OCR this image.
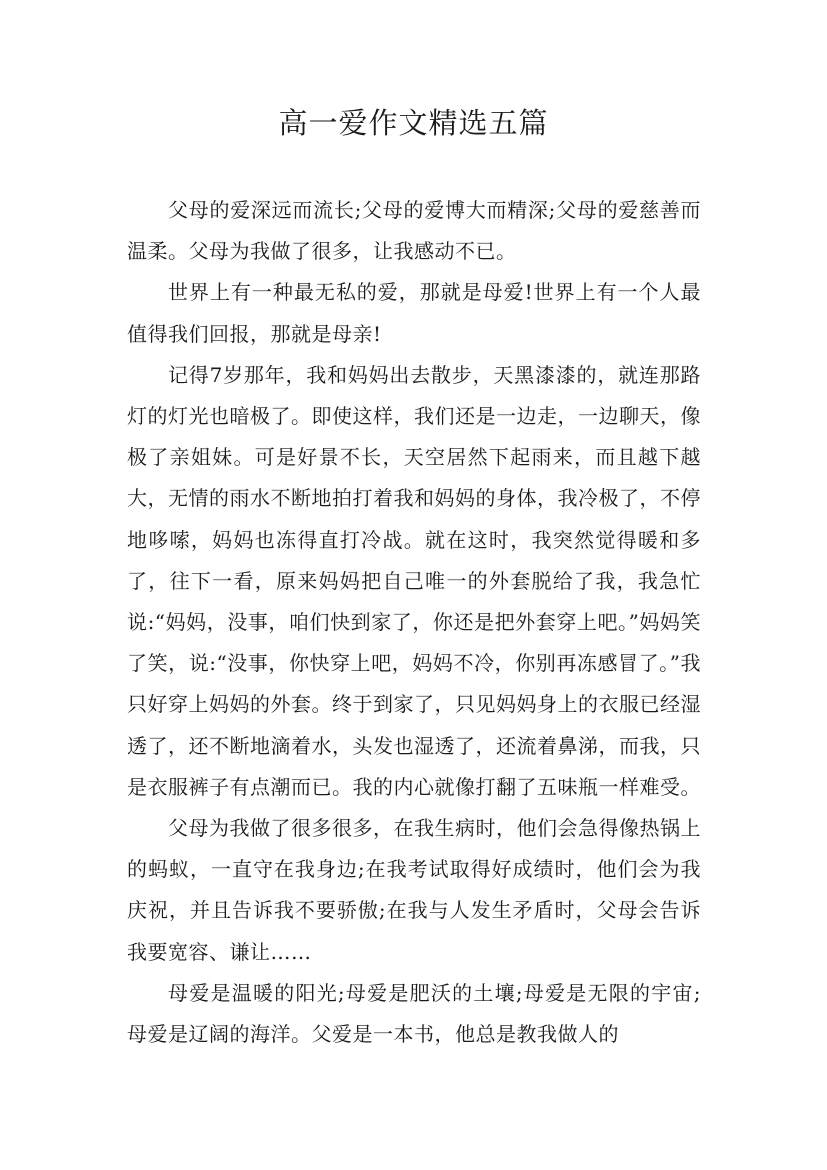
高一爱作文精选五篇

父母的爱深远而流长;父母的爱博大而精深;父母的爱慈善而温柔。父母为我做了很多，让我感动不已。

世界上有一种最无私的爱，那就是母爱!世界上有一个人最值得我们回报，那就是母亲!

记得7岁那年，我和妈妈出去散步，天黑漆漆的，就连那路灯的灯光也暗极了。即使这样，我们还是一边走，一边聊天，像极了亲姐妹。可是好景不长，天空居然下起雨来，而且越下越大，无情的雨水不断地拍打着我和妈妈的身体，我冷极了，不停地哆嗦，妈妈也冻得直打冷战。就在这时，我突然觉得暖和多了，往下一看，原来妈妈把自己唯一的外套脱给了我，我急忙说:“妈妈，没事，咱们快到家了，你还是把外套穿上吧。”妈妈笑了笑，说:“没事，你快穿上吧，妈妈不冷，你别再冻感冒了。”我只好穿上妈妈的外套。终于到家了，只见妈妈身上的衣服已经湿透了，还不断地滴着水，头发也湿透了，还流着鼻涕，而我，只是衣服裤子有点潮而已。我的内心就像打翻了五味瓶一样难受。

父母为我做了很多很多，在我生病时，他们会急得像热锅上的蚂蚁，一直守在我身边;在我考试取得好成绩时，他们会为我庆祝，并且告诉我不要骄傲;在我与人发生矛盾时，父母会告诉我要宽容、谦让……

母爱是温暖的阳光;母爱是肥沃的土壤;母爱是无限的宇宙;母爱是辽阔的海洋。父爱是一本书，他总是教我做人的
